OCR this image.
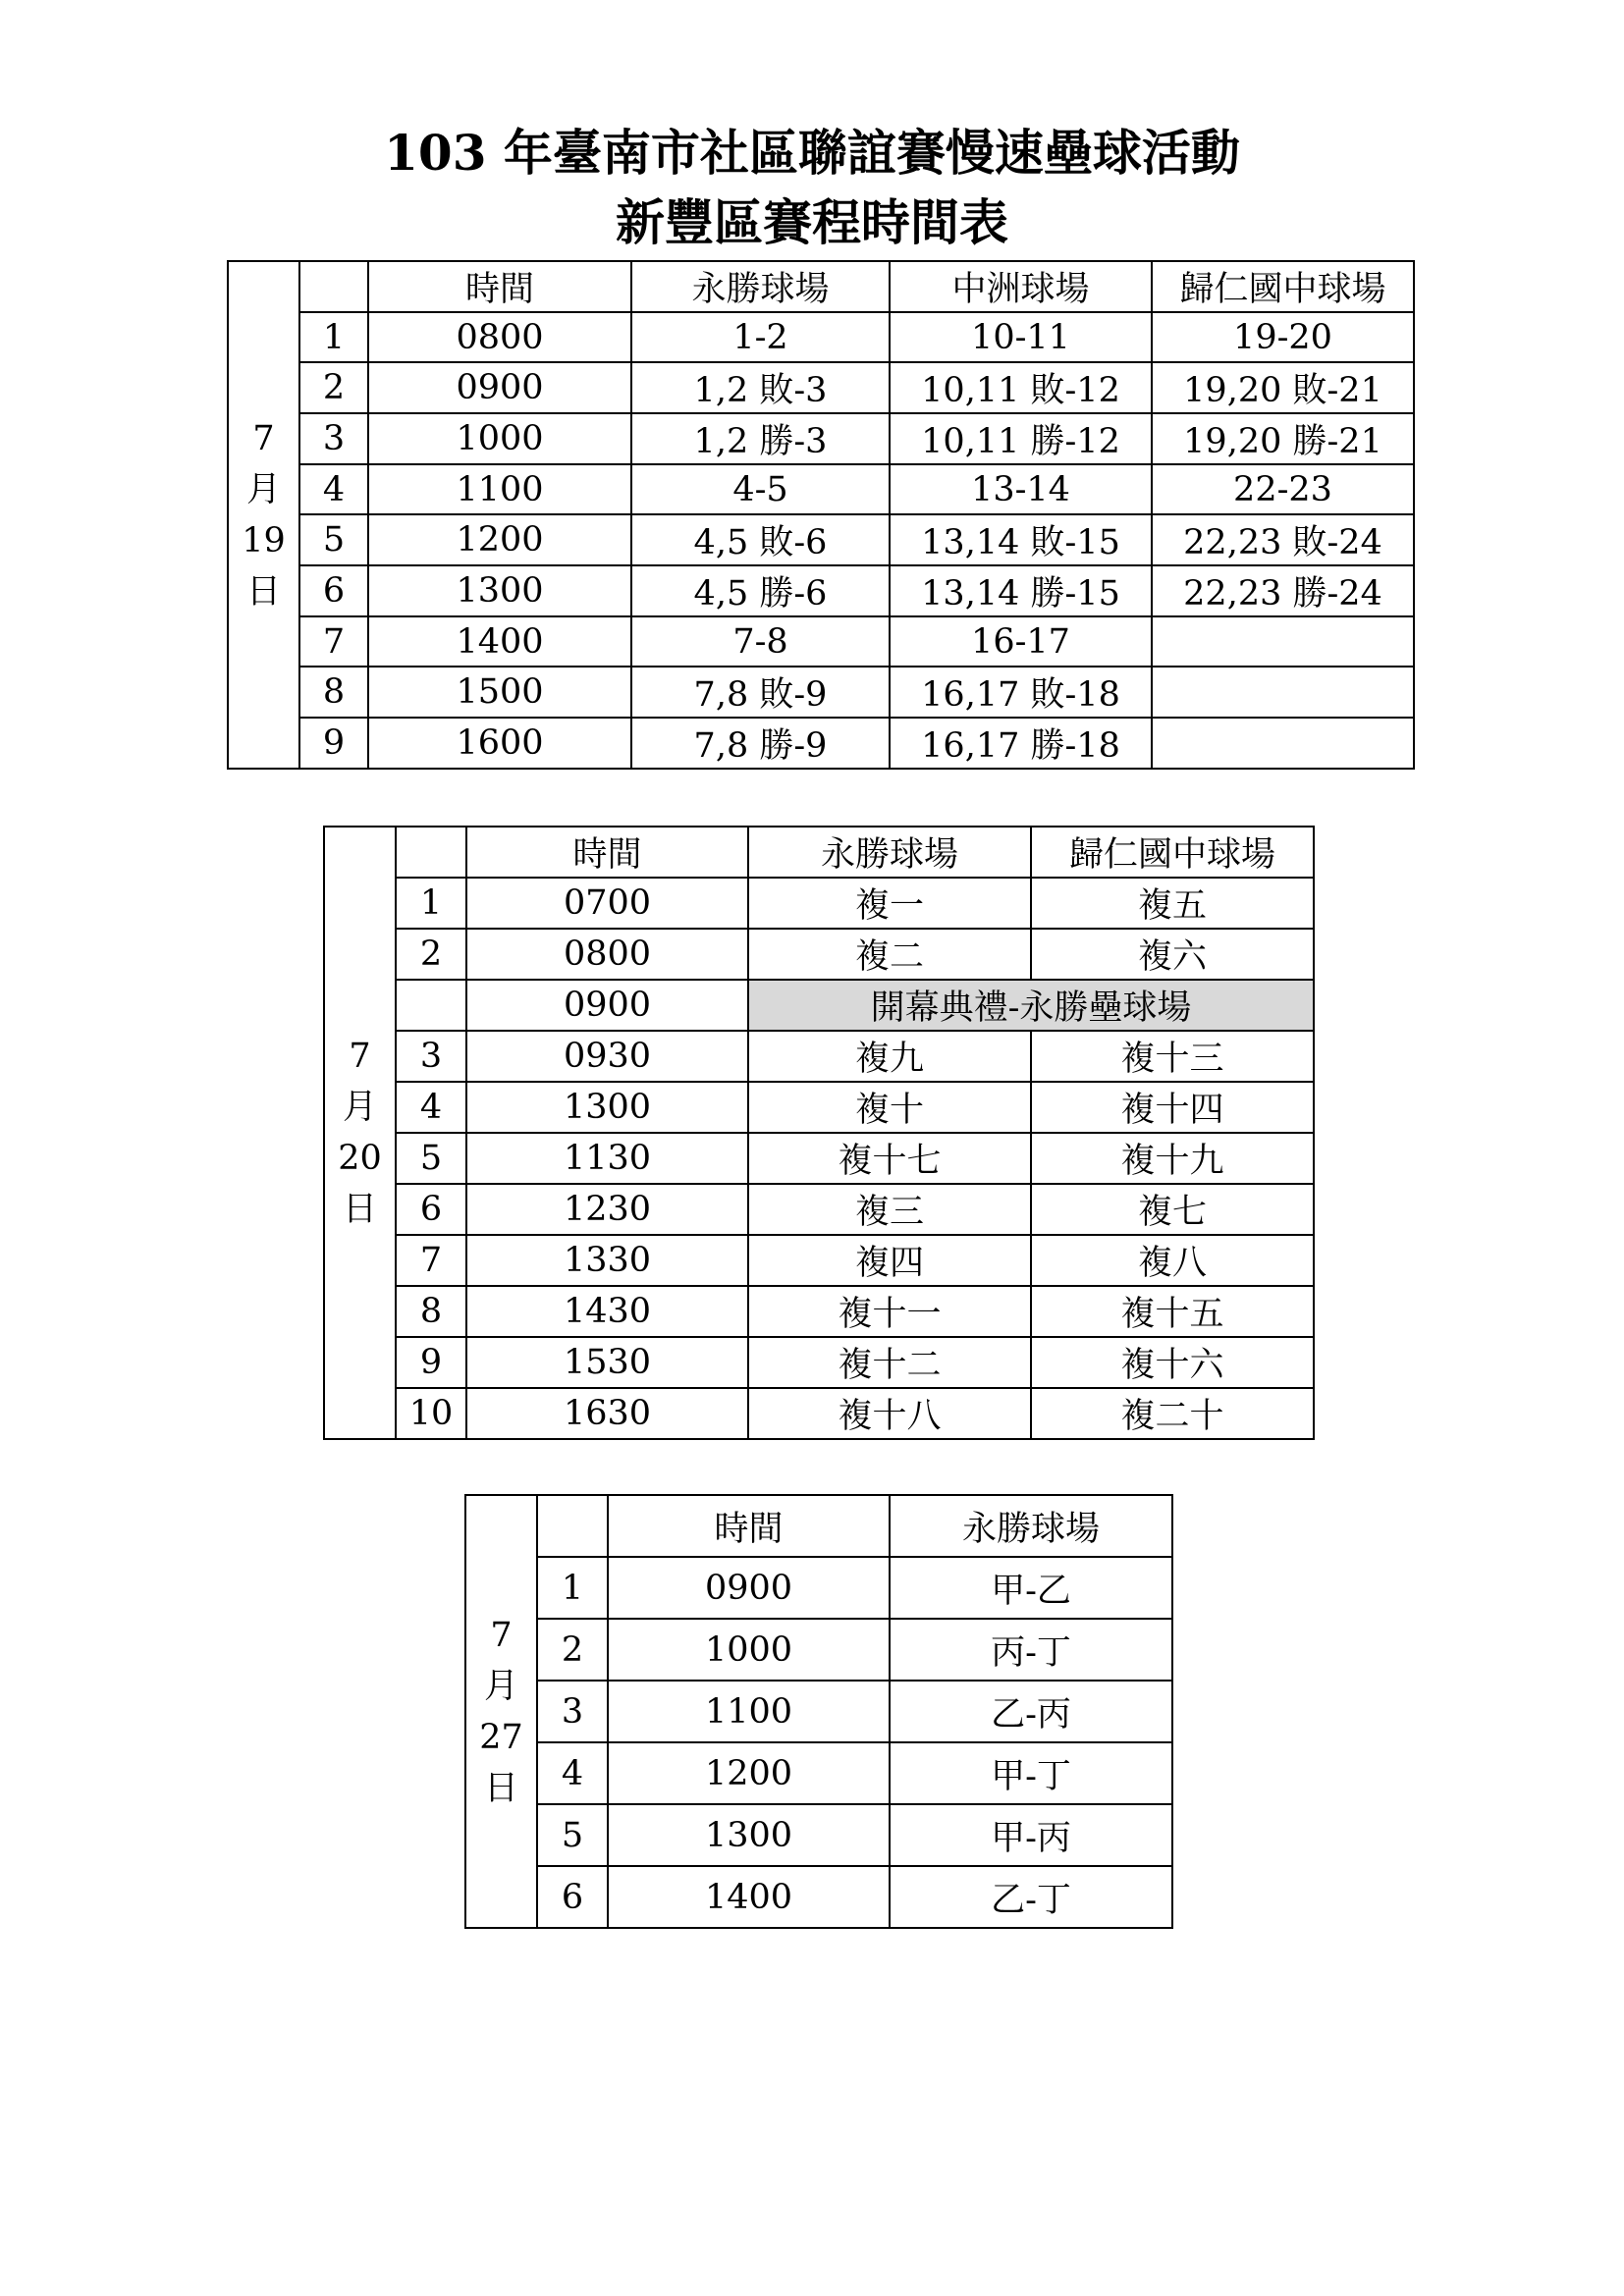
103 年臺南市社區聯誼賽慢速壘球活動
新豐區賽程時間表
7
月
19
日		時間	永勝球場	中洲球場	歸仁國中球場
	1	0800	1-2	10-11	19-20
	2	0900	1,2 敗-3	10,11 敗-12	19,20 敗-21
	3	1000	1,2 勝-3	10,11 勝-12	19,20 勝-21
	4	1100	4-5	13-14	22-23
	5	1200	4,5 敗-6	13,14 敗-15	22,23 敗-24
	6	1300	4,5 勝-6	13,14 勝-15	22,23 勝-24
	7	1400	7-8	16-17	
	8	1500	7,8 敗-9	16,17 敗-18	
	9	1600	7,8 勝-9	16,17 勝-18	
7
月
20
日		時間	永勝球場	歸仁國中球場
	1	0700	複一	複五
	2	0800	複二	複六
		0900	開幕典禮-永勝壘球場	
	3	0930	複九	複十三
	4	1300	複十	複十四
	5	1130	複十七	複十九
	6	1230	複三	複七
	7	1330	複四	複八
	8	1430	複十一	複十五
	9	1530	複十二	複十六
	10	1630	複十八	複二十
7
月
27
日		時間	永勝球場
	1	0900	甲-乙
	2	1000	丙-丁
	3	1100	乙-丙
	4	1200	甲-丁
	5	1300	甲-丙
	6	1400	乙-丁
